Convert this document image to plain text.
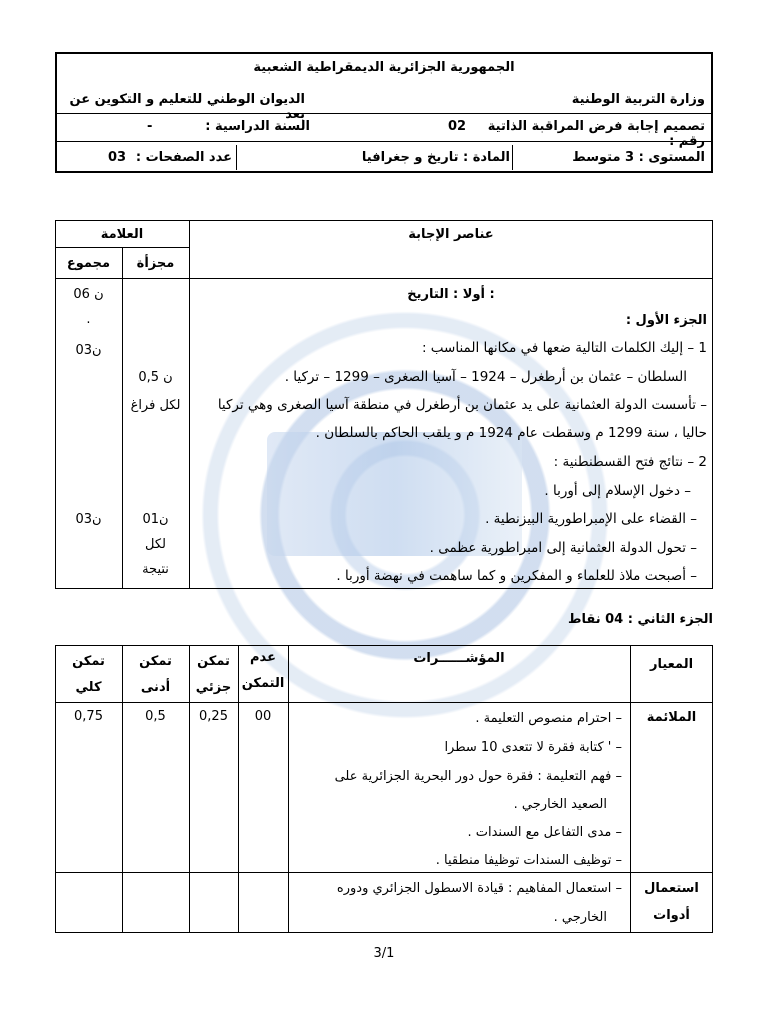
الجمهورية الجزائرية الديمقراطية الشعبية
وزارة التربية الوطنية
الديوان الوطني للتعليم و التكوين عن بعد
تصميم إجابة فرض المراقبة الذاتية رقم :
02
السنة الدراسية :
-
المستوى : 3 متوسط
المادة : تاريخ و جغرافيا
عدد الصفحات :
03
العلامة	عناصر الإجابة
مجزأة
مجموع
06 ن
.
03ن
03ن
0,5 ن
لكل فراغ
01ن
لكل
نتيجة
أولا : التاريخ :
الجزء الأول :
1 – إليك الكلمات التالية ضعها في مكانها المناسب :
السلطان – عثمان بن أرطغرل – 1924 – آسيا الصغرى – 1299 – تركيا .
– تأسست الدولة العثمانية على يد عثمان بن أرطغرل في منطقة آسيا الصغرى وهي تركيا
حاليا ، سنة 1299 م وسقطت عام 1924 م و يلقب الحاكم بالسلطان .
2 – نتائج فتح القسطنطنية :
– دخول الإسلام إلى أوربا .
– القضاء على الإمبراطورية البيزنطية .
– تحول الدولة العثمانية إلى امبراطورية عظمى .
– أصبحت ملاذ للعلماء و المفكرين و كما ساهمت في نهضة أوربا .
الجزء الثاني : 04 نقاط
المعيار
المؤشــــــرات
عدم
التمكن
تمكن
جزئي
تمكن
أدنى
تمكن
كلي
الملائمة
00
0,25
0,5
0,75	– احترام منصوص التعليمة .
– ' كتابة فقرة لا تتعدى 10 سطرا
– فهم التعليمة : فقرة حول دور البحرية الجزائرية على
الصعيد الخارجي .
– مدى التفاعل مع السندات .
– توظيف السندات توظيفا منطقيا .
استعمال
أدوات
– استعمال المفاهيم : قيادة الاسطول الجزائري ودوره
الخارجي .
3/1
